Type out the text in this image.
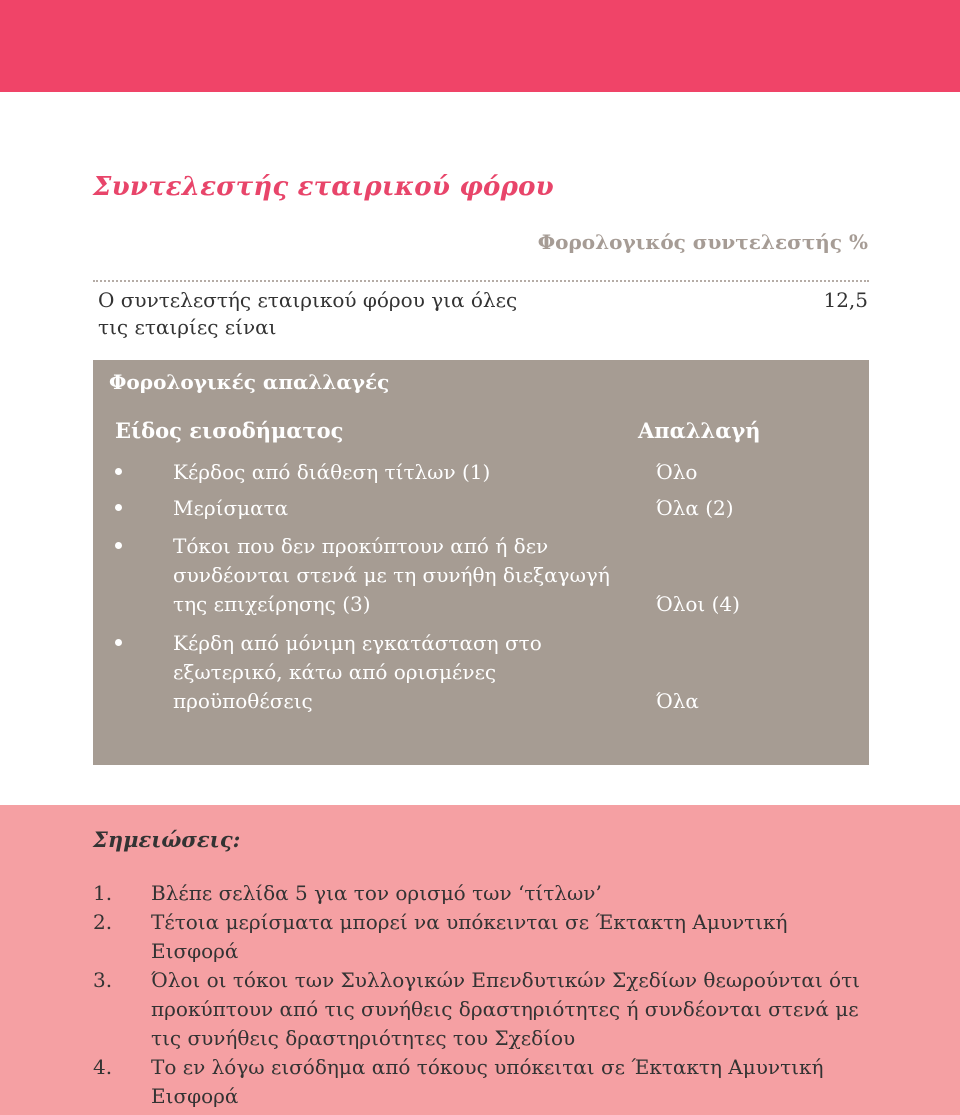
Συντελεστής εταιρικού φόρου
Φορολογικός συντελεστής %
Ο συντελεστής εταιρικού φόρου για όλες τις εταιρίες είναι
12,5
Φορολογικές απαλλαγές
Είδος εισοδήματος	Απαλλαγή
Κέρδος από διάθεση τίτλων (1)	Όλο
Μερίσματα	Όλα (2)
Τόκοι που δεν προκύπτουν από ή δεν συνδέονται στενά με τη συνήθη διεξαγωγή της επιχείρησης (3)	Όλοι (4)
Κέρδη από μόνιμη εγκατάσταση στο εξωτερικό, κάτω από ορισμένες προϋποθέσεις	Όλα
Σημειώσεις:
1. Βλέπε σελίδα 5 για τον ορισμό των ‘τίτλων’
2. Τέτοια μερίσματα μπορεί να υπόκεινται σε Έκτακτη Αμυντική Εισφορά
3. Όλοι οι τόκοι των Συλλογικών Επενδυτικών Σχεδίων θεωρούνται ότι προκύπτουν από τις συνήθεις δραστηριότητες ή συνδέονται στενά με τις συνήθεις δραστηριότητες του Σχεδίου
4. Το εν λόγω εισόδημα από τόκους υπόκειται σε Έκτακτη Αμυντική Εισφορά
